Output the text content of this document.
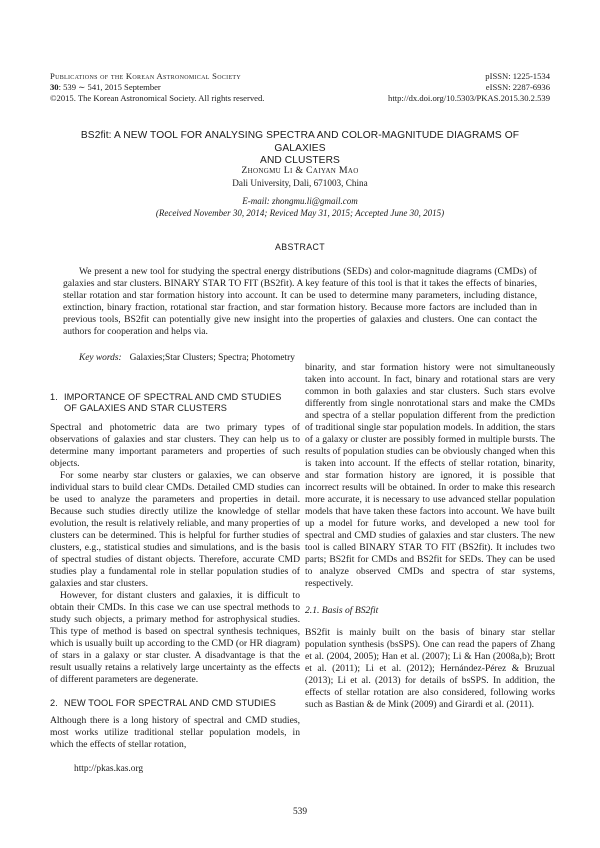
Publications of the Korean Astronomical Society
30: 539 ∼ 541, 2015 September
©2015. The Korean Astronomical Society. All rights reserved.
pISSN: 1225-1534
eISSN: 2287-6936
http://dx.doi.org/10.5303/PKAS.2015.30.2.539
BS2fit: A NEW TOOL FOR ANALYSING SPECTRA AND COLOR-MAGNITUDE DIAGRAMS OF GALAXIES
AND CLUSTERS
Zhongmu Li & Caiyan Mao
Dali University, Dali, 671003, China
E-mail: zhongmu.li@gmail.com
(Received November 30, 2014; Reviced May 31, 2015; Accepted June 30, 2015)
ABSTRACT

We present a new tool for studying the spectral energy distributions (SEDs) and color-magnitude diagrams (CMDs) of galaxies and star clusters. BINARY STAR TO FIT (BS2fit). A key feature of this tool is that it takes the effects of binaries, stellar rotation and star formation history into account. It can be used to determine many parameters, including distance, extinction, binary fraction, rotational star fraction, and star formation history. Because more factors are included than in previous tools, BS2fit can potentially give new insight into the properties of galaxies and clusters. One can contact the authors for cooperation and helps via.

Key words: Galaxies;Star Clusters; Spectra; Photometry
1. IMPORTANCE OF SPECTRAL AND CMD STUDIES OF GALAXIES AND STAR CLUSTERS

Spectral and photometric data are two primary types of observations of galaxies and star clusters. They can help us to determine many important parameters and properties of such objects.

For some nearby star clusters or galaxies, we can observe individual stars to build clear CMDs. Detailed CMD studies can be used to analyze the parameters and properties in detail. Because such studies directly utilize the knowledge of stellar evolution, the result is relatively reliable, and many properties of clusters can be determined. This is helpful for further studies of clusters, e.g., statistical studies and simulations, and is the basis of spectral studies of distant objects. Therefore, accurate CMD studies play a fundamental role in stellar population studies of galaxies and star clusters.

However, for distant clusters and galaxies, it is difficult to obtain their CMDs. In this case we can use spectral methods to study such objects, a primary method for astrophysical studies. This type of method is based on spectral synthesis techniques, which is usually built up according to the CMD (or HR diagram) of stars in a galaxy or star cluster. A disadvantage is that the result usually retains a relatively large uncertainty as the effects of different parameters are degenerate.

2. NEW TOOL FOR SPECTRAL AND CMD STUDIES

Although there is a long history of spectral and CMD studies, most works utilize traditional stellar population models, in which the effects of stellar rotation,

binarity, and star formation history were not simultaneously taken into account. In fact, binary and rotational stars are very common in both galaxies and star clusters. Such stars evolve differently from single nonrotational stars and make the CMDs and spectra of a stellar population different from the prediction of traditional single star population models. In addition, the stars of a galaxy or cluster are possibly formed in multiple bursts. The results of population studies can be obviously changed when this is taken into account. If the effects of stellar rotation, binarity, and star formation history are ignored, it is possible that incorrect results will be obtained. In order to make this research more accurate, it is necessary to use advanced stellar population models that have taken these factors into account. We have built up a model for future works, and developed a new tool for spectral and CMD studies of galaxies and star clusters. The new tool is called BINARY STAR TO FIT (BS2fit). It includes two parts; BS2fit for CMDs and BS2fit for SEDs. They can be used to analyze observed CMDs and spectra of star systems, respectively.

2.1. Basis of BS2fit

BS2fit is mainly built on the basis of binary star stellar population synthesis (bsSPS). One can read the papers of Zhang et al. (2004, 2005); Han et al. (2007); Li & Han (2008a,b); Brott et al. (2011); Li et al. (2012); Hernández-Pérez & Bruzual (2013); Li et al. (2013) for details of bsSPS. In addition, the effects of stellar rotation are also considered, following works such as Bastian & de Mink (2009) and Girardi et al. (2011).

http://pkas.kas.org
539
